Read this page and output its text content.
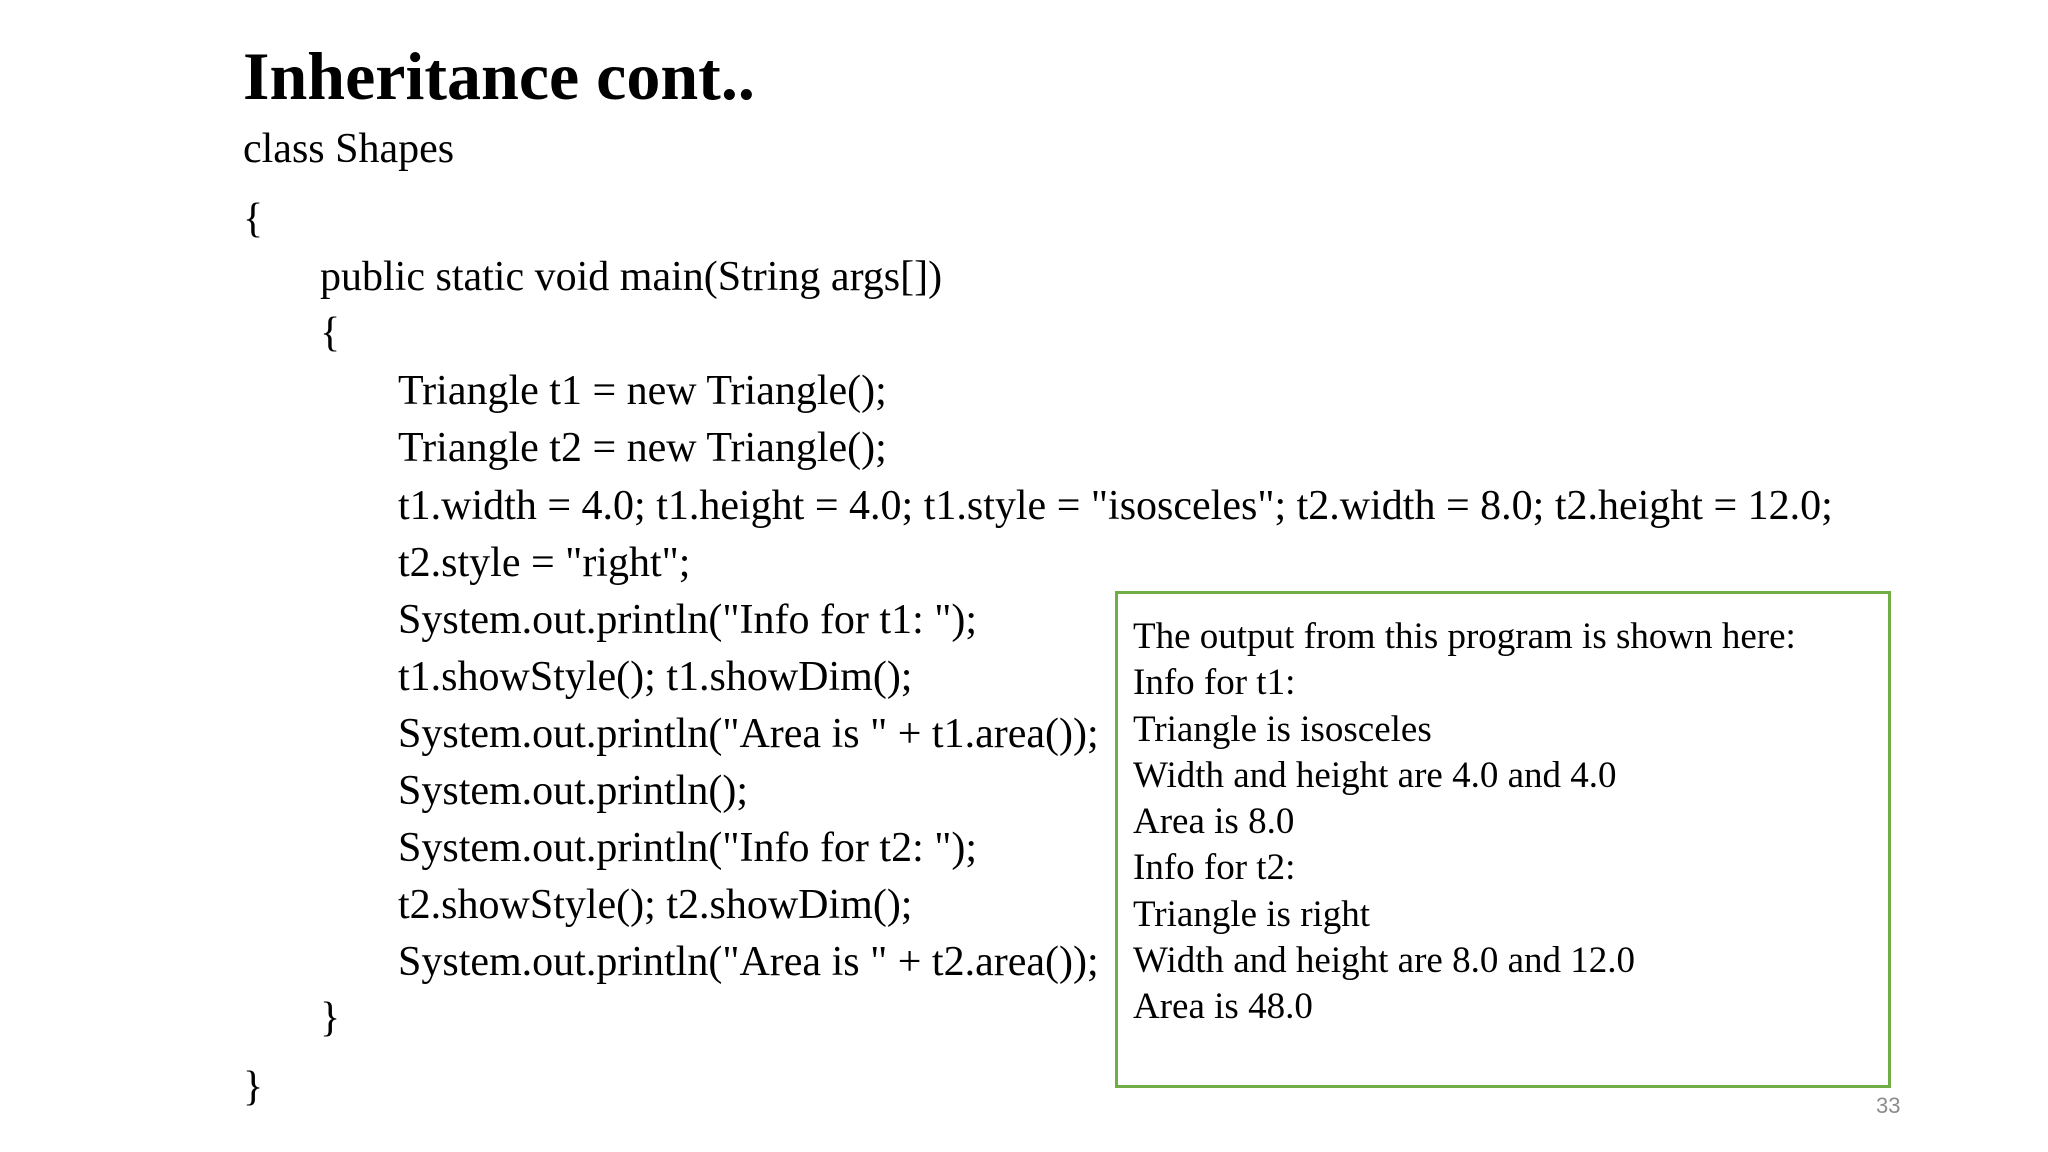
Inheritance cont..
class Shapes
{
public static void main(String args[])
{
Triangle t1 = new Triangle();
Triangle t2 = new Triangle();
t1.width = 4.0; t1.height = 4.0; t1.style = "isosceles"; t2.width = 8.0; t2.height = 12.0;
t2.style = "right";
System.out.println("Info for t1: ");
t1.showStyle(); t1.showDim();
System.out.println("Area is " + t1.area());
System.out.println();
System.out.println("Info for t2: ");
t2.showStyle(); t2.showDim();
System.out.println("Area is " + t2.area());
}
}
The output from this program is shown here:
Info for t1:
Triangle is isosceles
Width and height are 4.0 and 4.0
Area is 8.0
Info for t2:
Triangle is right
Width and height are 8.0 and 12.0
Area is 48.0
33
